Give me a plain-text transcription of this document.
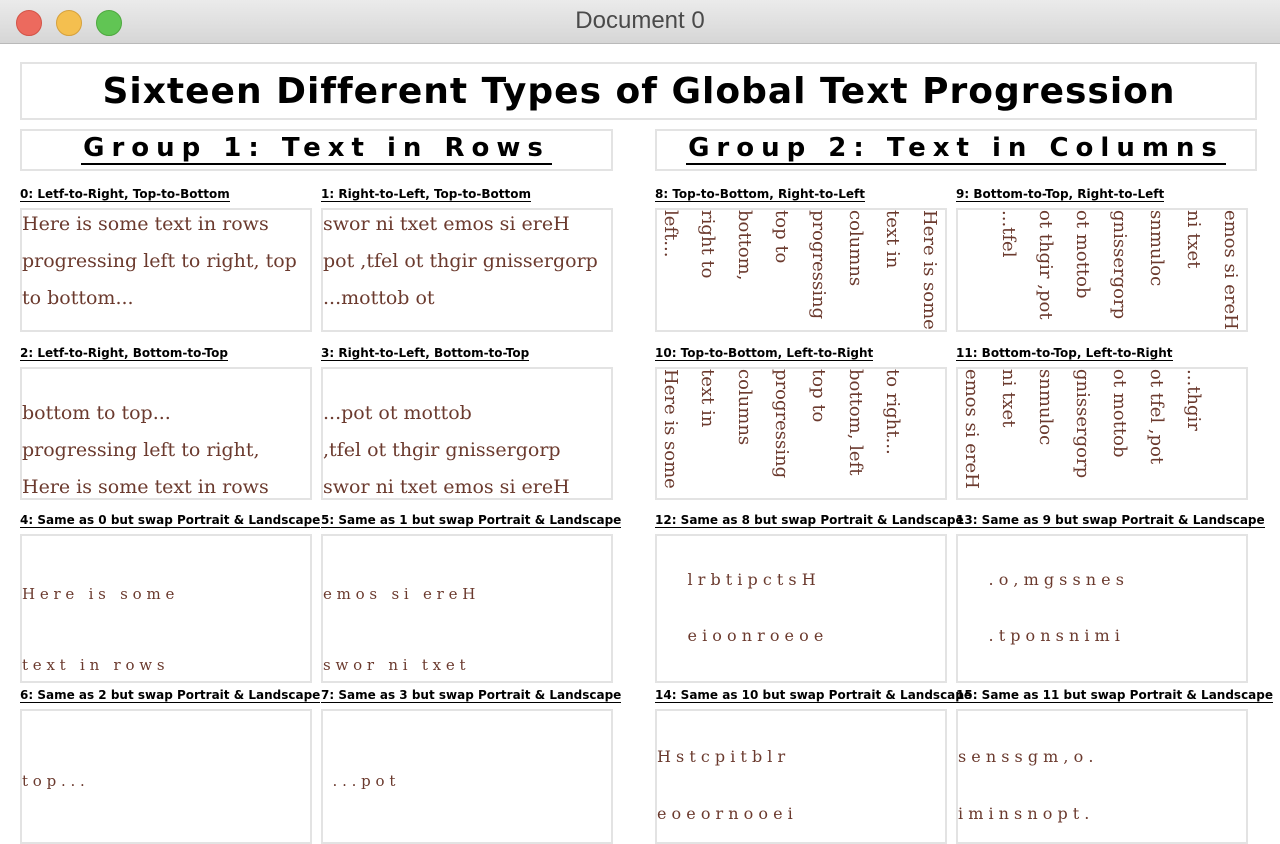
Document 0
Sixteen Different Types of Global Text Progression
Group 1: Text in Rows	Group 2: Text in Columns
0: Letf-to-Right, Top-to-Bottom	1: Right-to-Left, Top-to-Bottom
2: Letf-to-Right, Bottom-to-Top	3: Right-to-Left, Bottom-to-Top
4: Same as 0 but swap Portrait & Landscape 5: Same as 1 but swap Portrait & Landscape
6: Same as 2 but swap Portrait & Landscape 7: Same as 3 but swap Portrait & Landscape
8: Top-to-Bottom, Right-to-Left	9: Bottom-to-Top, Right-to-Left
10: Top-to-Bottom, Left-to-Right	11: Bottom-to-Top, Left-to-Right
12: Same as 8 but swap Portrait & Landscape
13: Same as 9 but swap Portrait & Landscape
14: Same as 10 but swap Portrait & Landscape
15: Same as 11 but swap Portrait & Landscape
Here is some text in rows
progressing left to right, top
to bottom...
swor ni txet emos si ereH
pot ,tfel ot thgir gnissergorp
...mottob ot
bottom to top...
progressing left to right,
Here is some text in rows
...pot ot mottob
,tfel ot thgir gnissergorp
swor ni txet emos si ereH

H e r e   i s   s o m e

t e x t   i n   r o w s

e m o s   s i   e r e H

s w o r   n i   t x e t

t o p . . .

	. . . p o t

Here is some
text in
columns
progressing
top to
bottom,
right to
left...	emos si ereH
ni txet
snmuloc
gnissergorp
ot mottob
ot thgir ,pot
...tfel
Here is some text in columns progressing top to bottom, left to right...	emos si ereH ni txet snmuloc gnissergorp ot mottob ot tfel ,pot ...thgir

l r b t i p c t s H

e i o o n r o e o e

. o , m g s s n e s

. t p o n s n i m i

H s t c p i t b l r

e o e o r n o o e i

s e n s s g m , o .

i m i n s n o p t .
